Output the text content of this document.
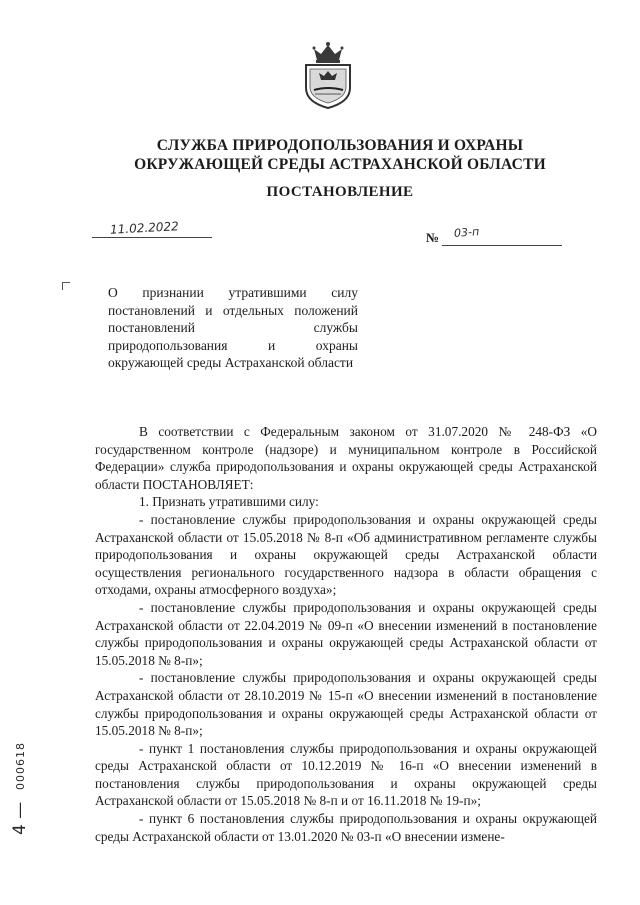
СЛУЖБА ПРИРОДОПОЛЬЗОВАНИЯ И ОХРАНЫ
ОКРУЖАЮЩЕЙ СРЕДЫ АСТРАХАНСКОЙ ОБЛАСТИ
ПОСТАНОВЛЕНИЕ
11.02.2022
№ 03-п
О признании утратившими силу постановлений и отдельных положений постановлений службы природопользования и охраны окружающей среды Астраханской области

В соответствии с Федеральным законом от 31.07.2020 № 248-ФЗ «О государственном контроле (надзоре) и муниципальном контроле в Российской Федерации» служба природопользования и охраны окружающей среды Астраханской области ПОСТАНОВЛЯЕТ:

1. Признать утратившими силу:

- постановление службы природопользования и охраны окружающей среды Астраханской области от 15.05.2018 № 8-п «Об административном регламенте службы природопользования и охраны окружающей среды Астраханской области осуществления регионального государственного надзора в области обращения с отходами, охраны атмосферного воздуха»;

- постановление службы природопользования и охраны окружающей среды Астраханской области от 22.04.2019 № 09-п «О внесении изменений в постановление службы природопользования и охраны окружающей среды Астраханской области от 15.05.2018 № 8-п»;

- постановление службы природопользования и охраны окружающей среды Астраханской области от 28.10.2019 № 15-п «О внесении изменений в постановление службы природопользования и охраны окружающей среды Астраханской области от 15.05.2018 № 8-п»;

- пункт 1 постановления службы природопользования и охраны окружающей среды Астраханской области от 10.12.2019 № 16-п «О внесении изменений в постановления службы природопользования и охраны окружающей среды Астраханской области от 15.05.2018 № 8-п и от 16.11.2018 № 19-п»;

- пункт 6 постановления службы природопользования и охраны окружающей среды Астраханской области от 13.01.2020 № 03-п «О внесении измене-

000618
4 —
